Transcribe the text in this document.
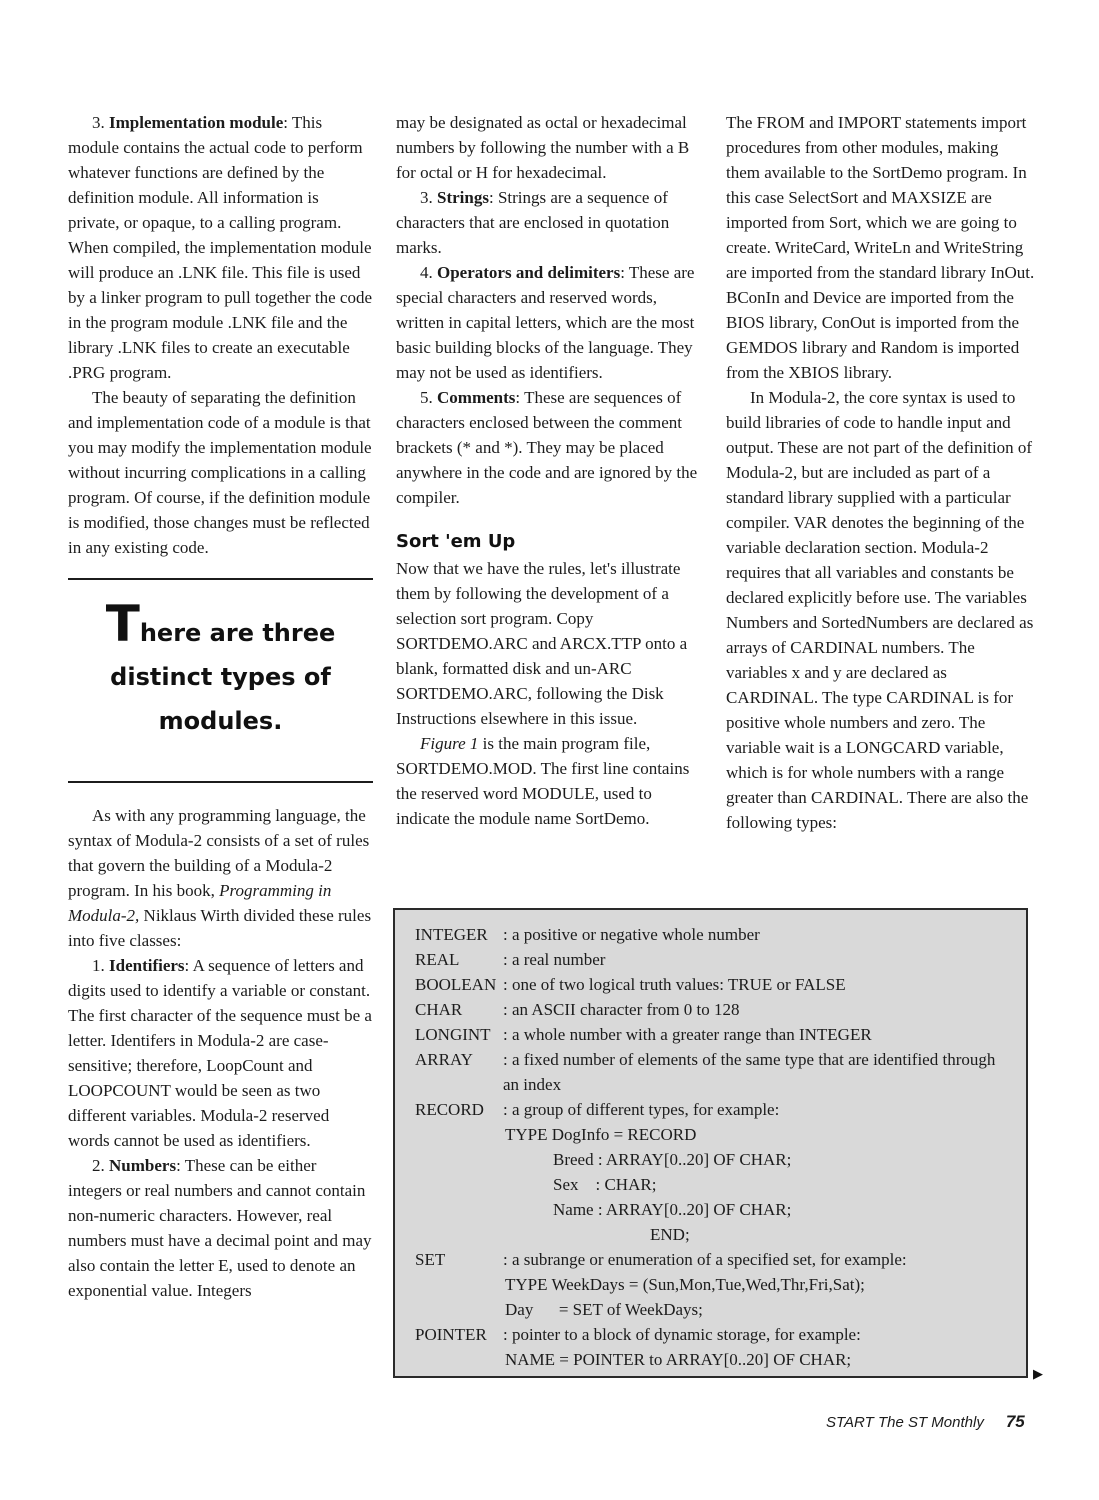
3. Implementation module: This module contains the actual code to perform whatever functions are defined by the definition module. All information is private, or opaque, to a calling program. When compiled, the implementation module will produce an .LNK file. This file is used by a linker program to pull together the code in the program module .LNK file and the library .LNK files to create an executable .PRG program.

The beauty of separating the definition and implementation code of a module is that you may modify the implementation module without incurring complications in a calling program. Of course, if the definition module is modified, those changes must be reflected in any existing code.

There are three distinct types of modules.

As with any programming language, the syntax of Modula-2 consists of a set of rules that govern the building of a Modula-2 program. In his book, Programming in Modula-2, Niklaus Wirth divided these rules into five classes:

1. Identifiers: A sequence of letters and digits used to identify a variable or constant. The first character of the sequence must be a letter. Identifers in Modula-2 are case-sensitive; therefore, LoopCount and LOOPCOUNT would be seen as two different variables. Modula-2 reserved words cannot be used as identifiers.

2. Numbers: These can be either integers or real numbers and cannot contain non-numeric characters. However, real numbers must have a decimal point and may also contain the letter E, used to denote an exponential value. Integers

may be designated as octal or hexadecimal numbers by following the number with a B for octal or H for hexadecimal.

3. Strings: Strings are a sequence of characters that are enclosed in quotation marks.

4. Operators and delimiters: These are special characters and reserved words, written in capital letters, which are the most basic building blocks of the language. They may not be used as identifiers.

5. Comments: These are sequences of characters enclosed between the comment brackets (* and *). They may be placed anywhere in the code and are ignored by the compiler.

Sort 'em Up

Now that we have the rules, let's illustrate them by following the development of a selection sort program. Copy SORTDEMO.ARC and ARCX.TTP onto a blank, formatted disk and un-ARC SORTDEMO.ARC, following the Disk Instructions elsewhere in this issue.

Figure 1 is the main program file, SORTDEMO.MOD. The first line contains the reserved word MODULE, used to indicate the module name SortDemo.

The FROM and IMPORT statements import procedures from other modules, making them available to the SortDemo program. In this case SelectSort and MAXSIZE are imported from Sort, which we are going to create. WriteCard, WriteLn and WriteString are imported from the standard library InOut. BConIn and Device are imported from the BIOS library, ConOut is imported from the GEMDOS library and Random is imported from the XBIOS library.

In Modula-2, the core syntax is used to build libraries of code to handle input and output. These are not part of the definition of Modula-2, but are included as part of a standard library supplied with a particular compiler. VAR denotes the beginning of the variable declaration section. Modula-2 requires that all variables and constants be declared explicitly before use. The variables Numbers and SortedNumbers are declared as arrays of CARDINAL numbers. The variables x and y are declared as CARDINAL. The type CARDINAL is for positive whole numbers and zero. The variable wait is a LONGCARD variable, which is for whole numbers with a range greater than CARDINAL. There are also the following types:

INTEGER : a positive or negative whole number
REAL	: a real number
BOOLEAN : one of two logical truth values: TRUE or FALSE
CHAR	: an ASCII character from 0 to 128
LONGINT : a whole number with a greater range than INTEGER
ARRAY	: a fixed number of elements of the same type that are identified through an index
RECORD	: a group of different types, for example:
TYPE DogInfo = RECORD
Breed : ARRAY[0..20] OF CHAR;
Sex    : CHAR;
Name : ARRAY[0..20] OF CHAR;
END;
SET	: a subrange or enumeration of a specified set, for example:
TYPE WeekDays = (Sun,Mon,Tue,Wed,Thr,Fri,Sat);
Day      = SET of WeekDays;
POINTER : pointer to a block of dynamic storage, for example:
NAME = POINTER to ARRAY[0..20] OF CHAR;
▶
START The ST Monthly 75
